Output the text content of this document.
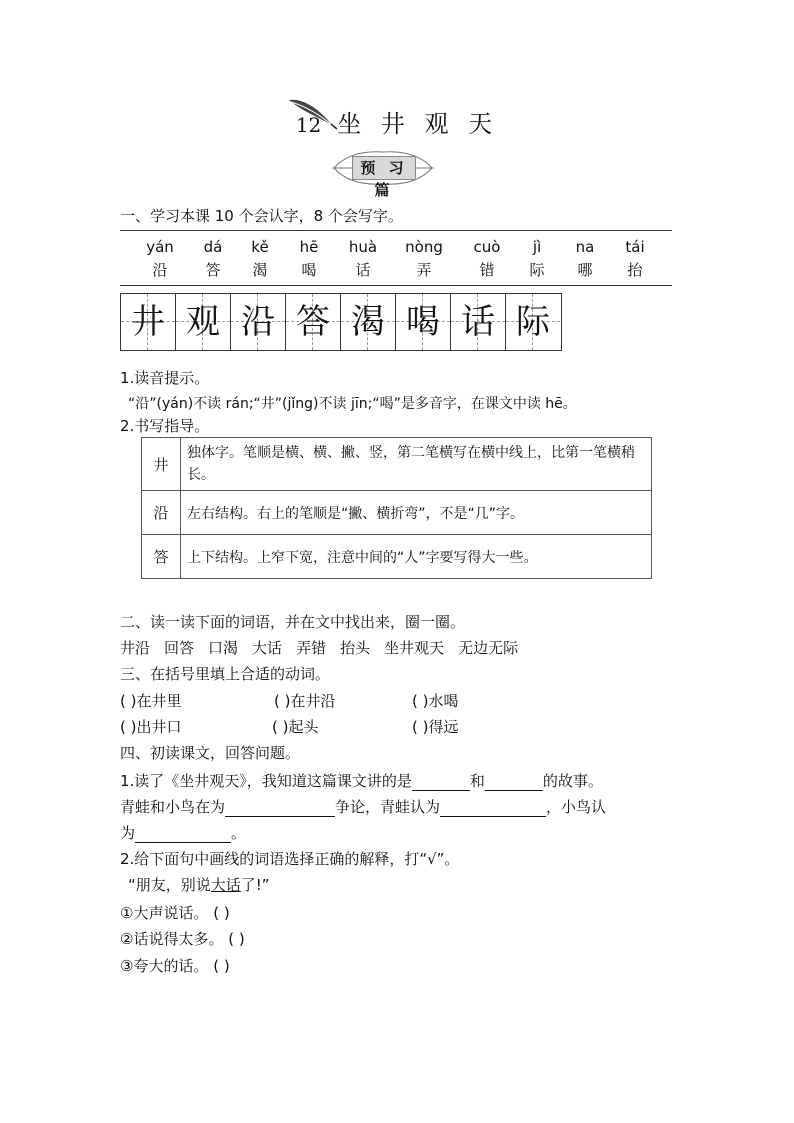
12 坐 井 观 天
预 习 篇
一、学习本课 10 个会认字，8 个会写字。
yán	dá	kě	hē	huà	nòng	cuò	jì	na	tái
沿	答	渴	喝	话	弄	错	际	哪	抬
井 观 沿 答 渴 喝 话 际
1.读音提示。
“沿”(yán)不读 rán;“井”(jǐng)不读 jīn;“喝”是多音字，在课文中读 hē。
2.书写指导。
井	独体字。笔顺是横、横、撇、竖，第二笔横写在横中线上，比第一笔横稍长。
沿	左右结构。右上的笔顺是“撇、横折弯”，不是“几”字。
答	上下结构。上窄下宽，注意中间的“人”字要写得大一些。
二、读一读下面的词语，并在文中找出来，圈一圈。
井沿 回答 口渴 大话 弄错 抬头 坐井观天 无边无际
三、在括号里填上合适的动词。
( )在井里	( )在井沿	( )水喝
( )出井口	( )起头	( )得远
四、初读课文，回答问题。
1.读了《坐井观天》，我知道这篇课文讲的是	和	的故事。
青蛙和小鸟在为	争论，青蛙认为	，小鸟认
为	。
2.给下面句中画线的词语选择正确的解释，打“√”。
“朋友，别说大话了!”
①大声说话。 ( )
②话说得太多。 ( )
③夸大的话。 ( )
